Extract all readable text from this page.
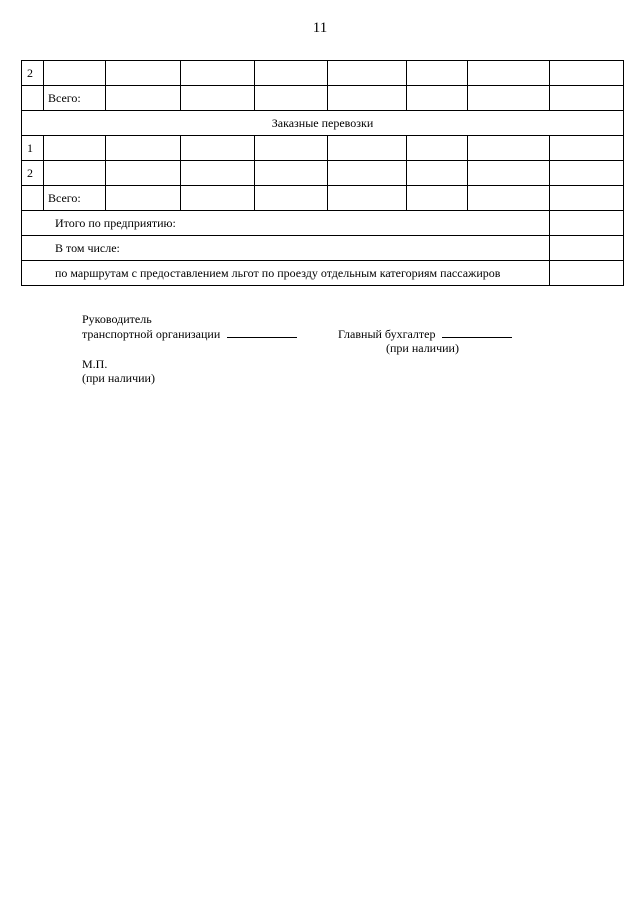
11
2								
	Всего:							
Заказные перевозки								
1								
2								
	Всего:							
Итого по предприятию:								
В том числе:								
по маршрутам с предоставлением льгот по проезду отдельным категориям пассажиров								
Руководитель
транспортной организации	Главный бухгалтер
(при наличии)
М.П.
(при наличии)
